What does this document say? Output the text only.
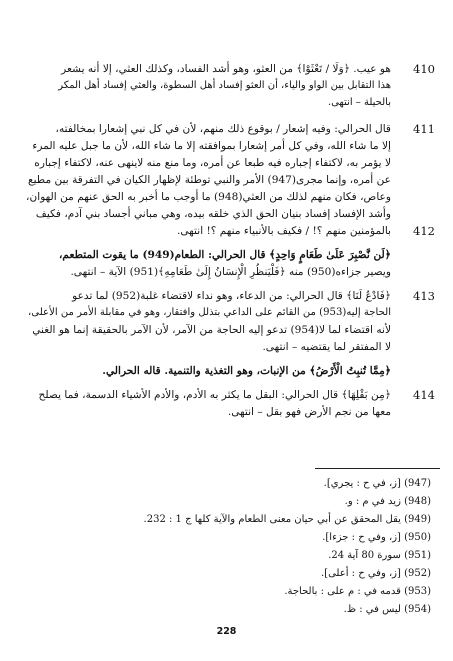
410
هو عيب. ﴿وَلَا / تَعْثَوْا﴾ من العثو، وهو أشد الفساد، وكذلك العثي، إلا أنه يشعر
هذا التقابل بين الواو والياء، أن العثو إفساد أهل السطوة، والعثي إفساد أهل المكر
بالحيلة – انتهى.
411
قال الحرالي: وفيه إشعار / بوقوع ذلك منهم، لأن في كل نبي إشعارا بمخالفته،
إلا ما شاء الله، وفي كل أمر إشعارا بموافقته إلا ما شاء الله، لأن ما جبل عليه المرء
لا يؤمر به، لاكتفاء إجباره فيه طبعا عن أمره، وما منع منه لاينهى عنه، لاكتفاء إجباره
عن أمره، وإنما مجرى(947) الأمر والنبي توطئة لإظهار الكيان في التفرقة بين مطيع
وعاص، فكان منهم لذلك من العثي(948) ما أوجب ما أخبر به الحق عنهم من الهوان،
وأشد الإفساد إفساد بنيان الحق الذي خلقه بيده، وهي مباني أجساد بني آدم، فكيف
412
بالمؤمنين منهم ؟! / فكيف بالأنبياء منهم ؟! انتهى.
﴿لَن نَّصْبِرَ عَلَىٰ طَعَامٍ وَاحِدٍ﴾ قال الحرالي: الطعام(949) ما يقوت المتطعم،
ويصير جزاءه(950) منه ﴿فَلْيَنظُرِ الْإِنسَانُ إِلَىٰ طَعَامِهِ﴾(951) الآية – انتهى.
413
﴿فَادْعُ لَنَا﴾ قال الحرالي: من الدعاء، وهو نداء لاقتضاء غلبة(952) لما تدعو
الحاجة إليه(953) من القائم على الداعي بتذلل وافتقار، وهو في مقابلة الأمر من الأعلى،
لأنه اقتضاء لما لا(954) تدعو إليه الحاجة من الآمر، لأن الآمر بالحقيقة إنما هو الغني
لا المفتقر لما يقتضيه – انتهى.
﴿مِمَّا تُنبِتُ الْأَرْضُ﴾ من الإنبات، وهو التغذية والتنمية. قاله الحرالي.
414
﴿مِن بَقْلِهَا﴾ قال الحرالي: البقل ما يكثر به الأدم، والأدم الأشياء الدسمة، فما يصلح
معها من نجم الأرض فهو بقل – انتهى.
(947) [ز، في ح : يجري].
(948) زيد في م : و.
(949) يقل المحقق عن أبي حيان معنى الطعام والآية كلها ج 1 : 232.
(950) [ز، وفي ح : جزءا].
(951) سورة 80 آية 24.
(952) [ز، وفي ح : أعلى].
(953) قدمه في : م على : بالحاجة.
(954) ليس في : ظ.
228
